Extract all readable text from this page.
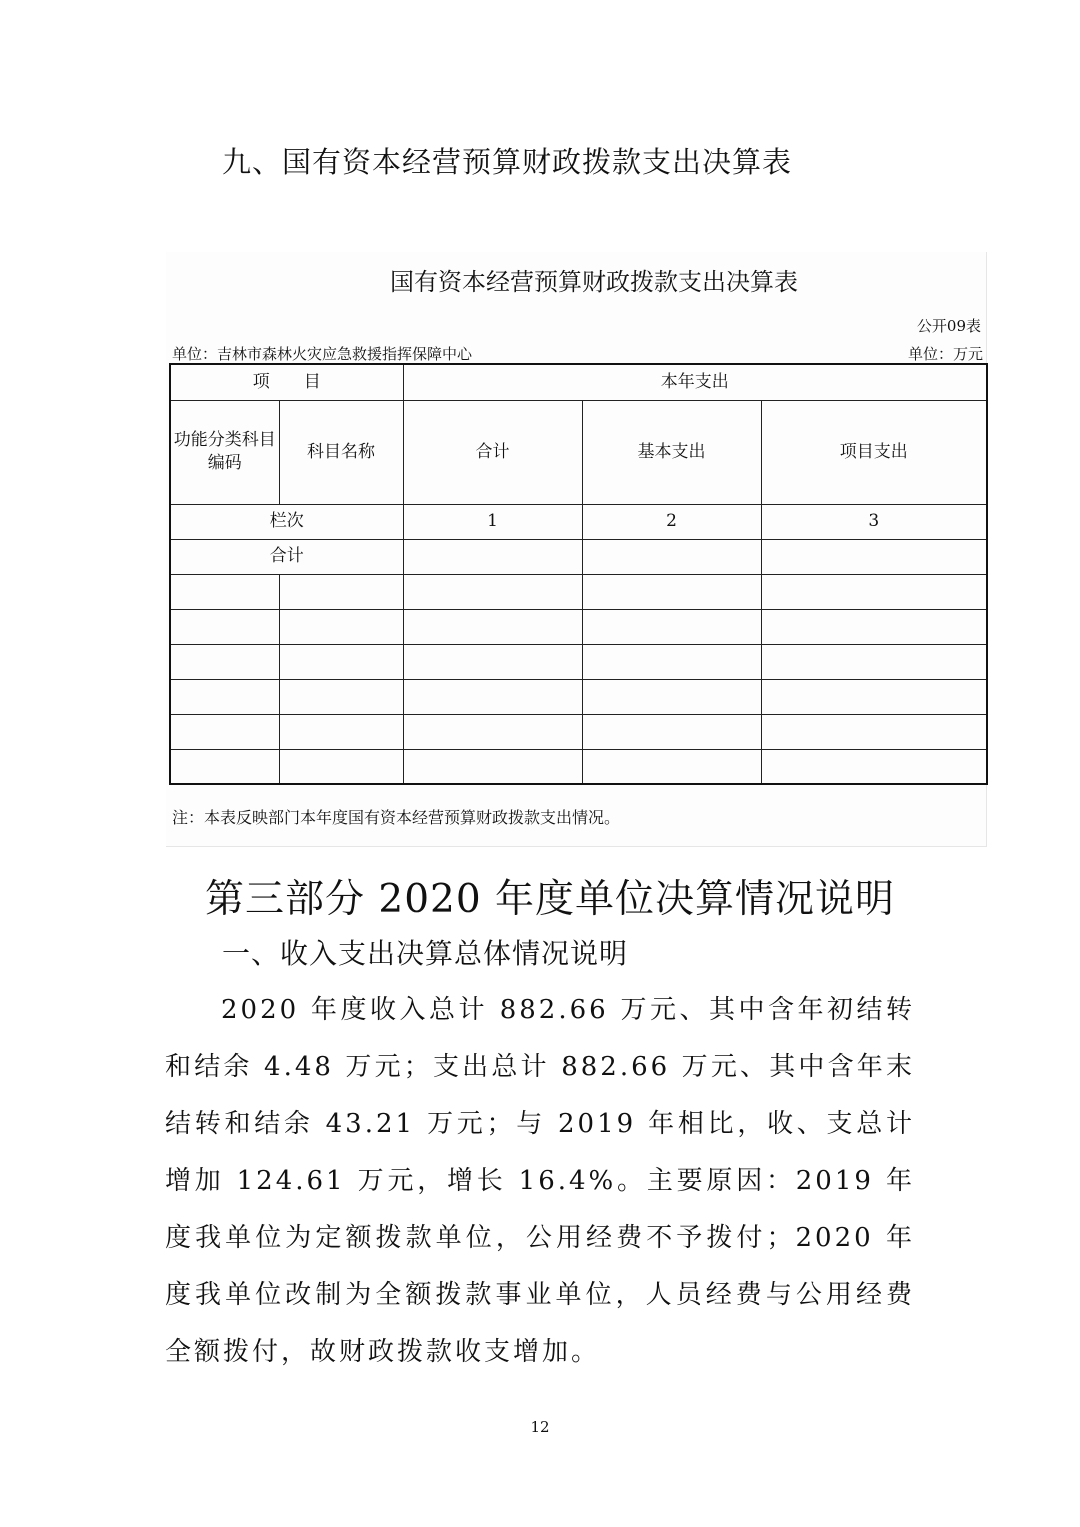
九、国有资本经营预算财政拨款支出决算表
国有资本经营预算财政拨款支出决算表
公开09表
单位：吉林市森林火灾应急救援指挥保障中心	单位：万元
项　　目		本年支出		
功能分类科目编码	科目名称	合计	基本支出	项目支出
栏次		1	2	3
合计				

注：本表反映部门本年度国有资本经营预算财政拨款支出情况。
第三部分 2020 年度单位决算情况说明
一、收入支出决算总体情况说明
2020 年度收入总计 882.66 万元、其中含年初结转和结余 4.48 万元；支出总计 882.66 万元、其中含年末结转和结余 43.21 万元；与 2019 年相比，收、支总计增加 124.61 万元，增长 16.4%。主要原因：2019 年度我单位为定额拨款单位，公用经费不予拨付；2020 年度我单位改制为全额拨款事业单位，人员经费与公用经费全额拨付，故财政拨款收支增加。
12
